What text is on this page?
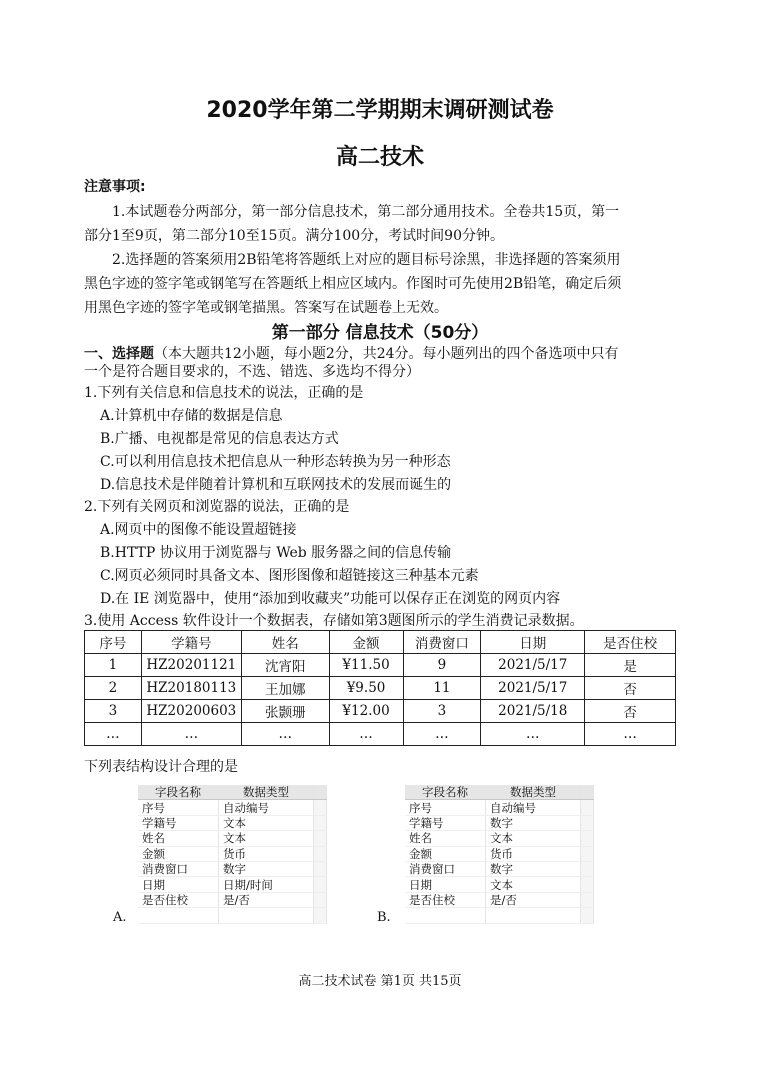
2020学年第二学期期末调研测试卷
高二技术
注意事项:
1.本试题卷分两部分，第一部分信息技术，第二部分通用技术。全卷共15页，第一
部分1至9页，第二部分10至15页。满分100分，考试时间90分钟。
2.选择题的答案须用2B铅笔将答题纸上对应的题目标号涂黑，非选择题的答案须用
黑色字迹的签字笔或钢笔写在答题纸上相应区域内。作图时可先使用2B铅笔，确定后须
用黑色字迹的签字笔或钢笔描黑。答案写在试题卷上无效。
第一部分 信息技术（50分）
一、选择题（本大题共12小题，每小题2分，共24分。每小题列出的四个备选项中只有
一个是符合题目要求的，不选、错选、多选均不得分）
1.下列有关信息和信息技术的说法，正确的是
A.计算机中存储的数据是信息
B.广播、电视都是常见的信息表达方式
C.可以利用信息技术把信息从一种形态转换为另一种形态
D.信息技术是伴随着计算机和互联网技术的发展而诞生的
2.下列有关网页和浏览器的说法，正确的是
A.网页中的图像不能设置超链接
B.HTTP 协议用于浏览器与 Web 服务器之间的信息传输
C.网页必须同时具备文本、图形图像和超链接这三种基本元素
D.在 IE 浏览器中，使用“添加到收藏夹”功能可以保存正在浏览的网页内容
3.使用 Access 软件设计一个数据表，存储如第3题图所示的学生消费记录数据。
序号	学籍号	姓名	金额	消费窗口	日期	是否住校
1	HZ20201121	沈宵阳	¥11.50	9	2021/5/17	是
2	HZ20180113	王加娜	¥9.50	11	2021/5/17	否
3	HZ20200603	张颢珊	¥12.00	3	2021/5/18	否
…	…	…	…	…	…	…
下列表结构设计合理的是
字段名称	数据类型	
序号	自动编号	
学籍号	文本	
姓名	文本	
金额	货币	
消费窗口	数字	
日期	日期/时间	
是否住校	是/否	

A.
字段名称	数据类型	
序号	自动编号	
学籍号	数字	
姓名	文本	
金额	货币	
消费窗口	数字	
日期	文本	
是否住校	是/否	

B.
高二技术试卷 第1页 共15页
